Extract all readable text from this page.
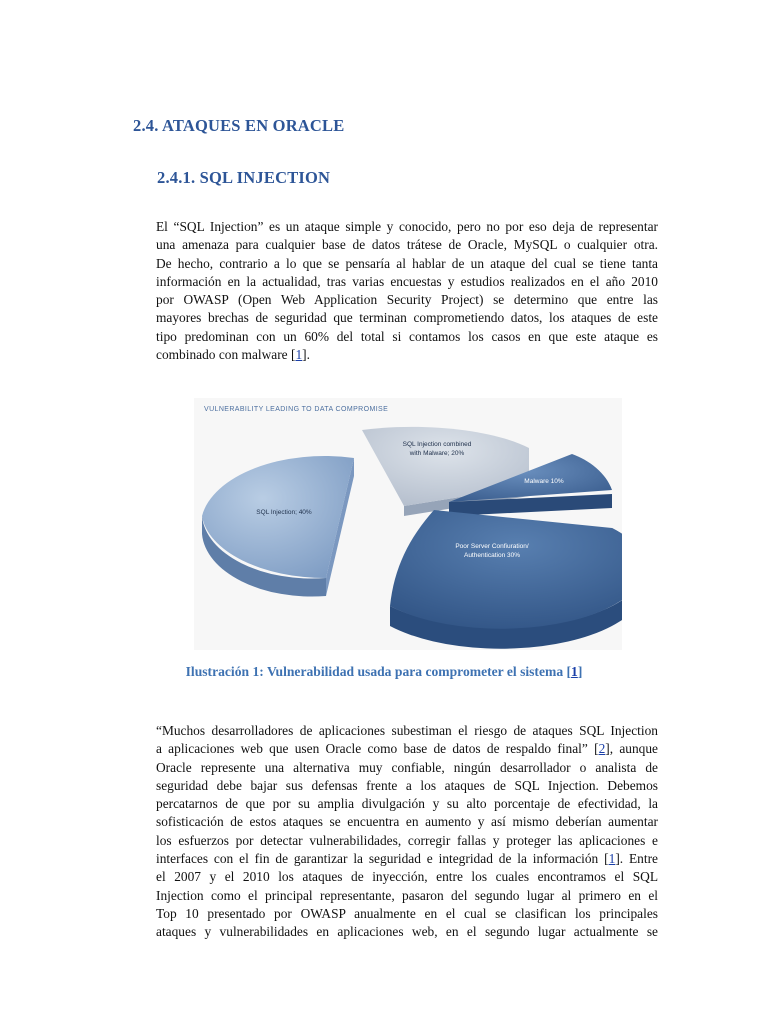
2.4. ATAQUES EN ORACLE
2.4.1. SQL INJECTION
El “SQL Injection” es un ataque simple y conocido, pero no por eso deja de representar
una amenaza para cualquier base de datos trátese de Oracle, MySQL o cualquier otra.
De hecho, contrario a lo que se pensaría al hablar de un ataque del cual se tiene tanta
información en la actualidad, tras varias encuestas y estudios realizados en el año 2010
por OWASP (Open Web Application Security Project) se determino que entre las
mayores brechas de seguridad que terminan comprometiendo datos, los ataques de este
tipo predominan con un 60% del total si contamos los casos en que este ataque es
combinado con malware [1].
VULNERABILITY LEADING TO DATA COMPROMISE
SQL Injection; 40%
SQL Injection combined
with Malware; 20%
Malware 10%
Poor Server Confiuration/
Authentication 30%
Ilustración 1: Vulnerabilidad usada para comprometer el sistema [1]
“Muchos desarrolladores de aplicaciones subestiman el riesgo de ataques SQL Injection
a aplicaciones web que usen Oracle como base de datos de respaldo final” [2], aunque
Oracle represente una alternativa muy confiable, ningún desarrollador o analista de
seguridad debe bajar sus defensas frente a los ataques de SQL Injection. Debemos
percatarnos de que por su amplia divulgación y su alto porcentaje de efectividad, la
sofisticación de estos ataques se encuentra en aumento y así mismo deberían aumentar
los esfuerzos por detectar vulnerabilidades, corregir fallas y proteger las aplicaciones e
interfaces con el fin de garantizar la seguridad e integridad de la información [1]. Entre
el 2007 y el 2010 los ataques de inyección, entre los cuales encontramos el SQL
Injection como el principal representante, pasaron del segundo lugar al primero en el
Top 10 presentado por OWASP anualmente en el cual se clasifican los principales
ataques y vulnerabilidades en aplicaciones web, en el segundo lugar actualmente se
